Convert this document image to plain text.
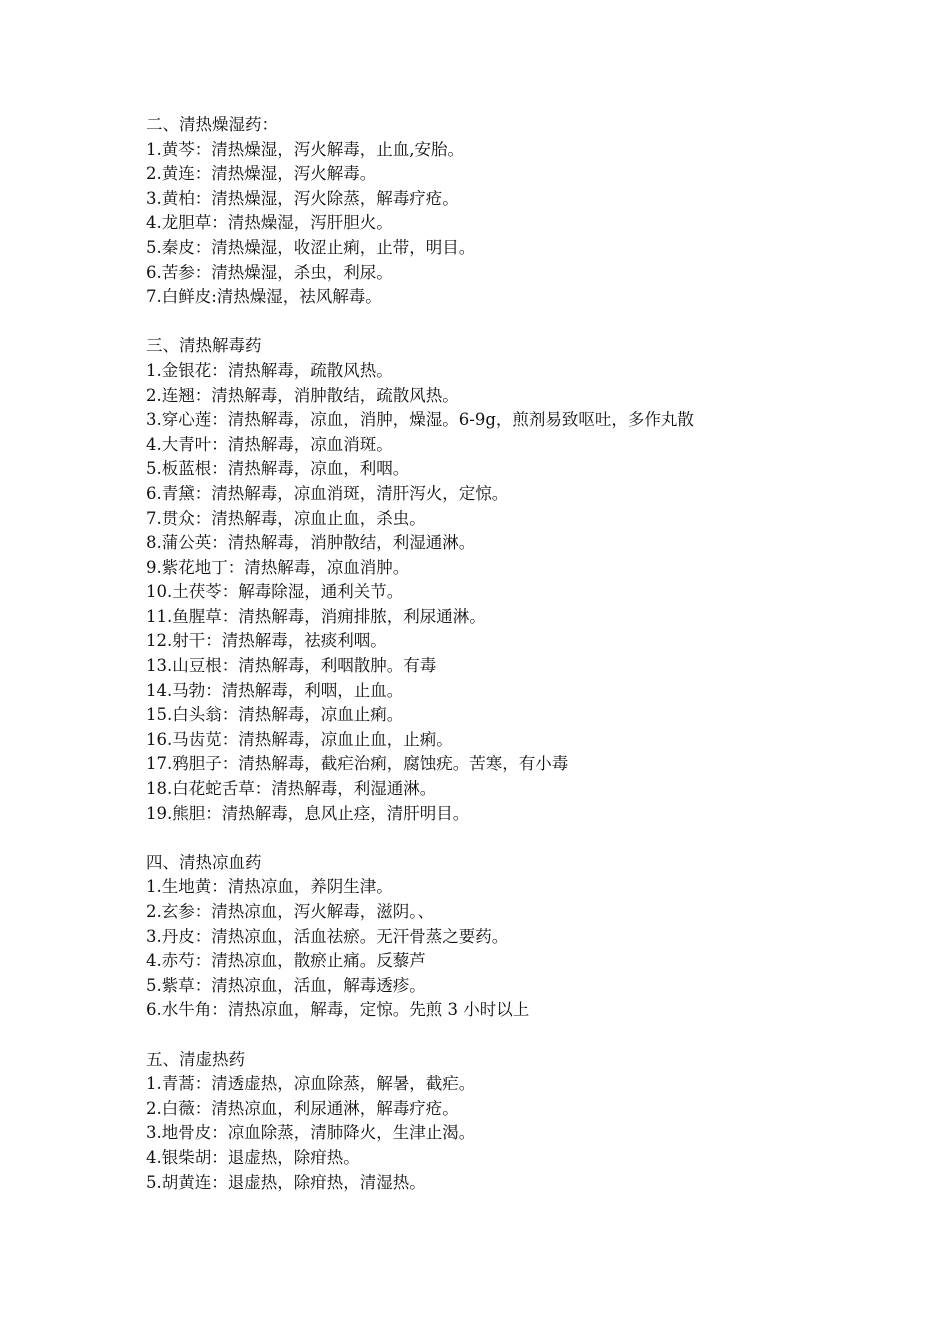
二、清热燥湿药：
1.黄芩：清热燥湿，泻火解毒，止血,安胎。
2.黄连：清热燥湿，泻火解毒。
3.黄柏：清热燥湿，泻火除蒸，解毒疗疮。
4.龙胆草：清热燥湿，泻肝胆火。
5.秦皮：清热燥湿，收涩止痢，止带，明目。
6.苦参：清热燥湿，杀虫，利尿。
7.白鲜皮:清热燥湿，祛风解毒。
三、清热解毒药
1.金银花：清热解毒，疏散风热。
2.连翘：清热解毒，消肿散结，疏散风热。
3.穿心莲：清热解毒，凉血，消肿，燥湿。6-9g，煎剂易致呕吐，多作丸散
4.大青叶：清热解毒，凉血消斑。
5.板蓝根：清热解毒，凉血，利咽。
6.青黛：清热解毒，凉血消斑，清肝泻火，定惊。
7.贯众：清热解毒，凉血止血，杀虫。
8.蒲公英：清热解毒，消肿散结，利湿通淋。
9.紫花地丁：清热解毒，凉血消肿。
10.土茯苓：解毒除湿，通利关节。
11.鱼腥草：清热解毒，消痈排脓，利尿通淋。
12.射干：清热解毒，祛痰利咽。
13.山豆根：清热解毒，利咽散肿。有毒
14.马勃：清热解毒，利咽，止血。
15.白头翁：清热解毒，凉血止痢。
16.马齿苋：清热解毒，凉血止血，止痢。
17.鸦胆子：清热解毒，截疟治痢，腐蚀疣。苦寒，有小毒
18.白花蛇舌草：清热解毒，利湿通淋。
19.熊胆：清热解毒，息风止痉，清肝明目。
四、清热凉血药
1.生地黄：清热凉血，养阴生津。
2.玄参：清热凉血，泻火解毒，滋阴。、
3.丹皮：清热凉血，活血祛瘀。无汗骨蒸之要药。
4.赤芍：清热凉血，散瘀止痛。反藜芦
5.紫草：清热凉血，活血，解毒透疹。
6.水牛角：清热凉血，解毒，定惊。先煎 3 小时以上
五、清虚热药
1.青蒿：清透虚热，凉血除蒸，解暑，截疟。
2.白薇：清热凉血，利尿通淋，解毒疗疮。
3.地骨皮：凉血除蒸，清肺降火，生津止渴。
4.银柴胡：退虚热，除疳热。
5.胡黄连：退虚热，除疳热，清湿热。
